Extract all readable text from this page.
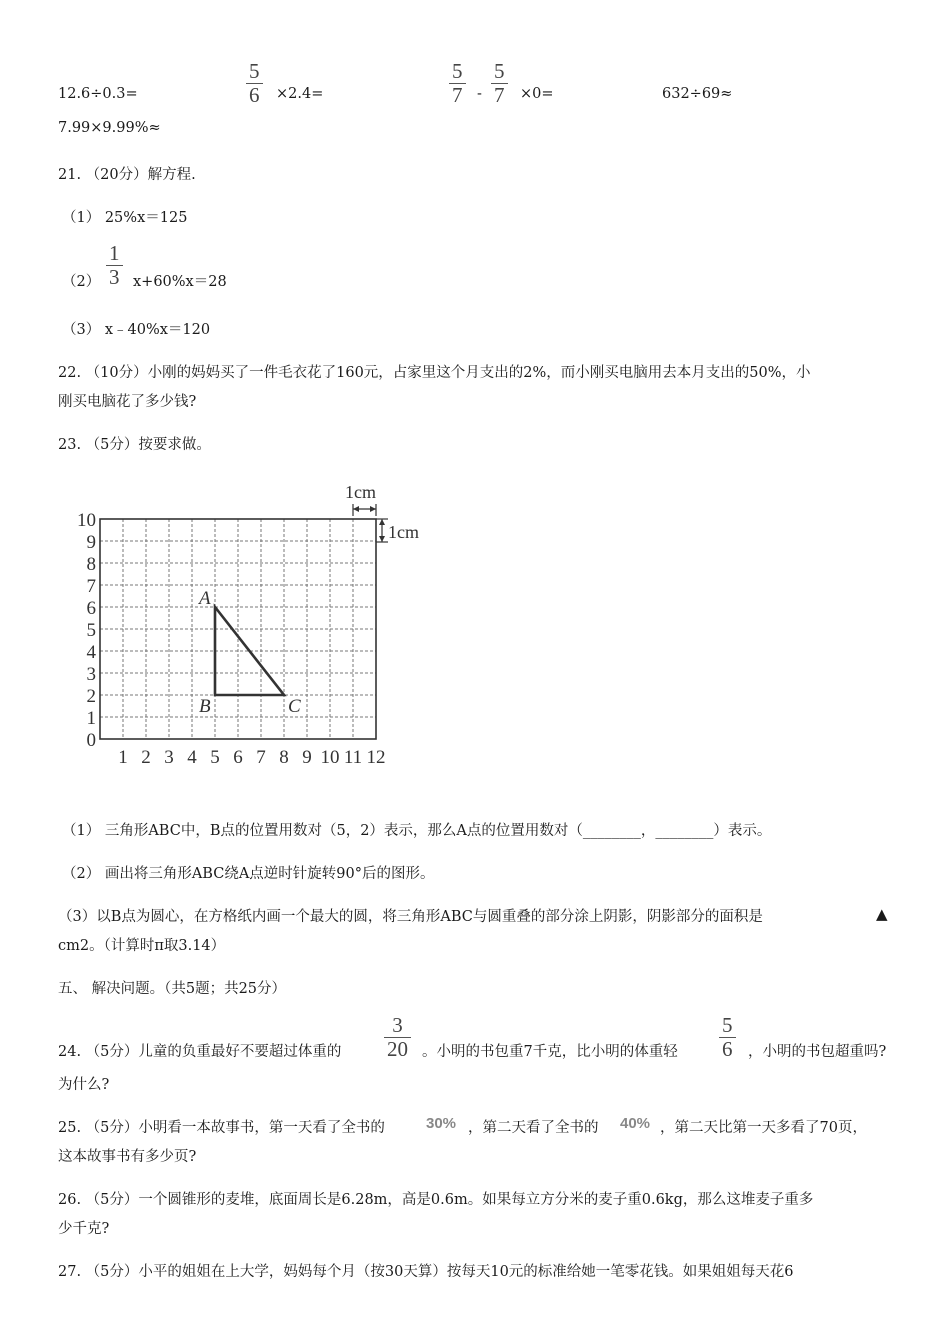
12.6÷0.3=
5
6 ×2.4=
5
7 -
5
7 ×0=	632÷69≈
7.99×9.99%≈
21. （20分）解方程.
（1） 25%x＝125
（2）
1
3 x+60%x＝28
（3） x﹣40%x＝120
22. （10分）小刚的妈妈买了一件毛衣花了160元，占家里这个月支出的2%，而小刚买电脑用去本月支出的50%，小
刚买电脑花了多少钱?
23. （5分）按要求做。
1 2 3 4 5 6 7 8 9 10 11 12
0
1
2
3
4
5
6
7
8
9
10
1cm
1cm
A
B	C
（1） 三角形ABC中，B点的位置用数对（5，2）表示，那么A点的位置用数对（________，________）表示。
（2） 画出将三角形ABC绕A点逆时针旋转90°后的图形。
（3）以B点为圆心，在方格纸内画一个最大的圆，将三角形ABC与圆重叠的部分涂上阴影，阴影部分的面积是	▲
cm2。（计算时π取3.14）
五、 解决问题。（共5题；共25分）
24. （5分）儿童的负重最好不要超过体重的
3
20 。小明的书包重7千克，比小明的体重轻
5
6 ，小明的书包超重吗?
为什么?
25. （5分）小明看一本故事书，第一天看了全书的	30% ，第二天看了全书的 40% ，第二天比第一天多看了70页，
这本故事书有多少页?
26. （5分）一个圆锥形的麦堆，底面周长是6.28m，高是0.6m。如果每立方分米的麦子重0.6kg，那么这堆麦子重多
少千克?
27. （5分）小平的姐姐在上大学，妈妈每个月（按30天算）按每天10元的标准给她一笔零花钱。如果姐姐每天花6
